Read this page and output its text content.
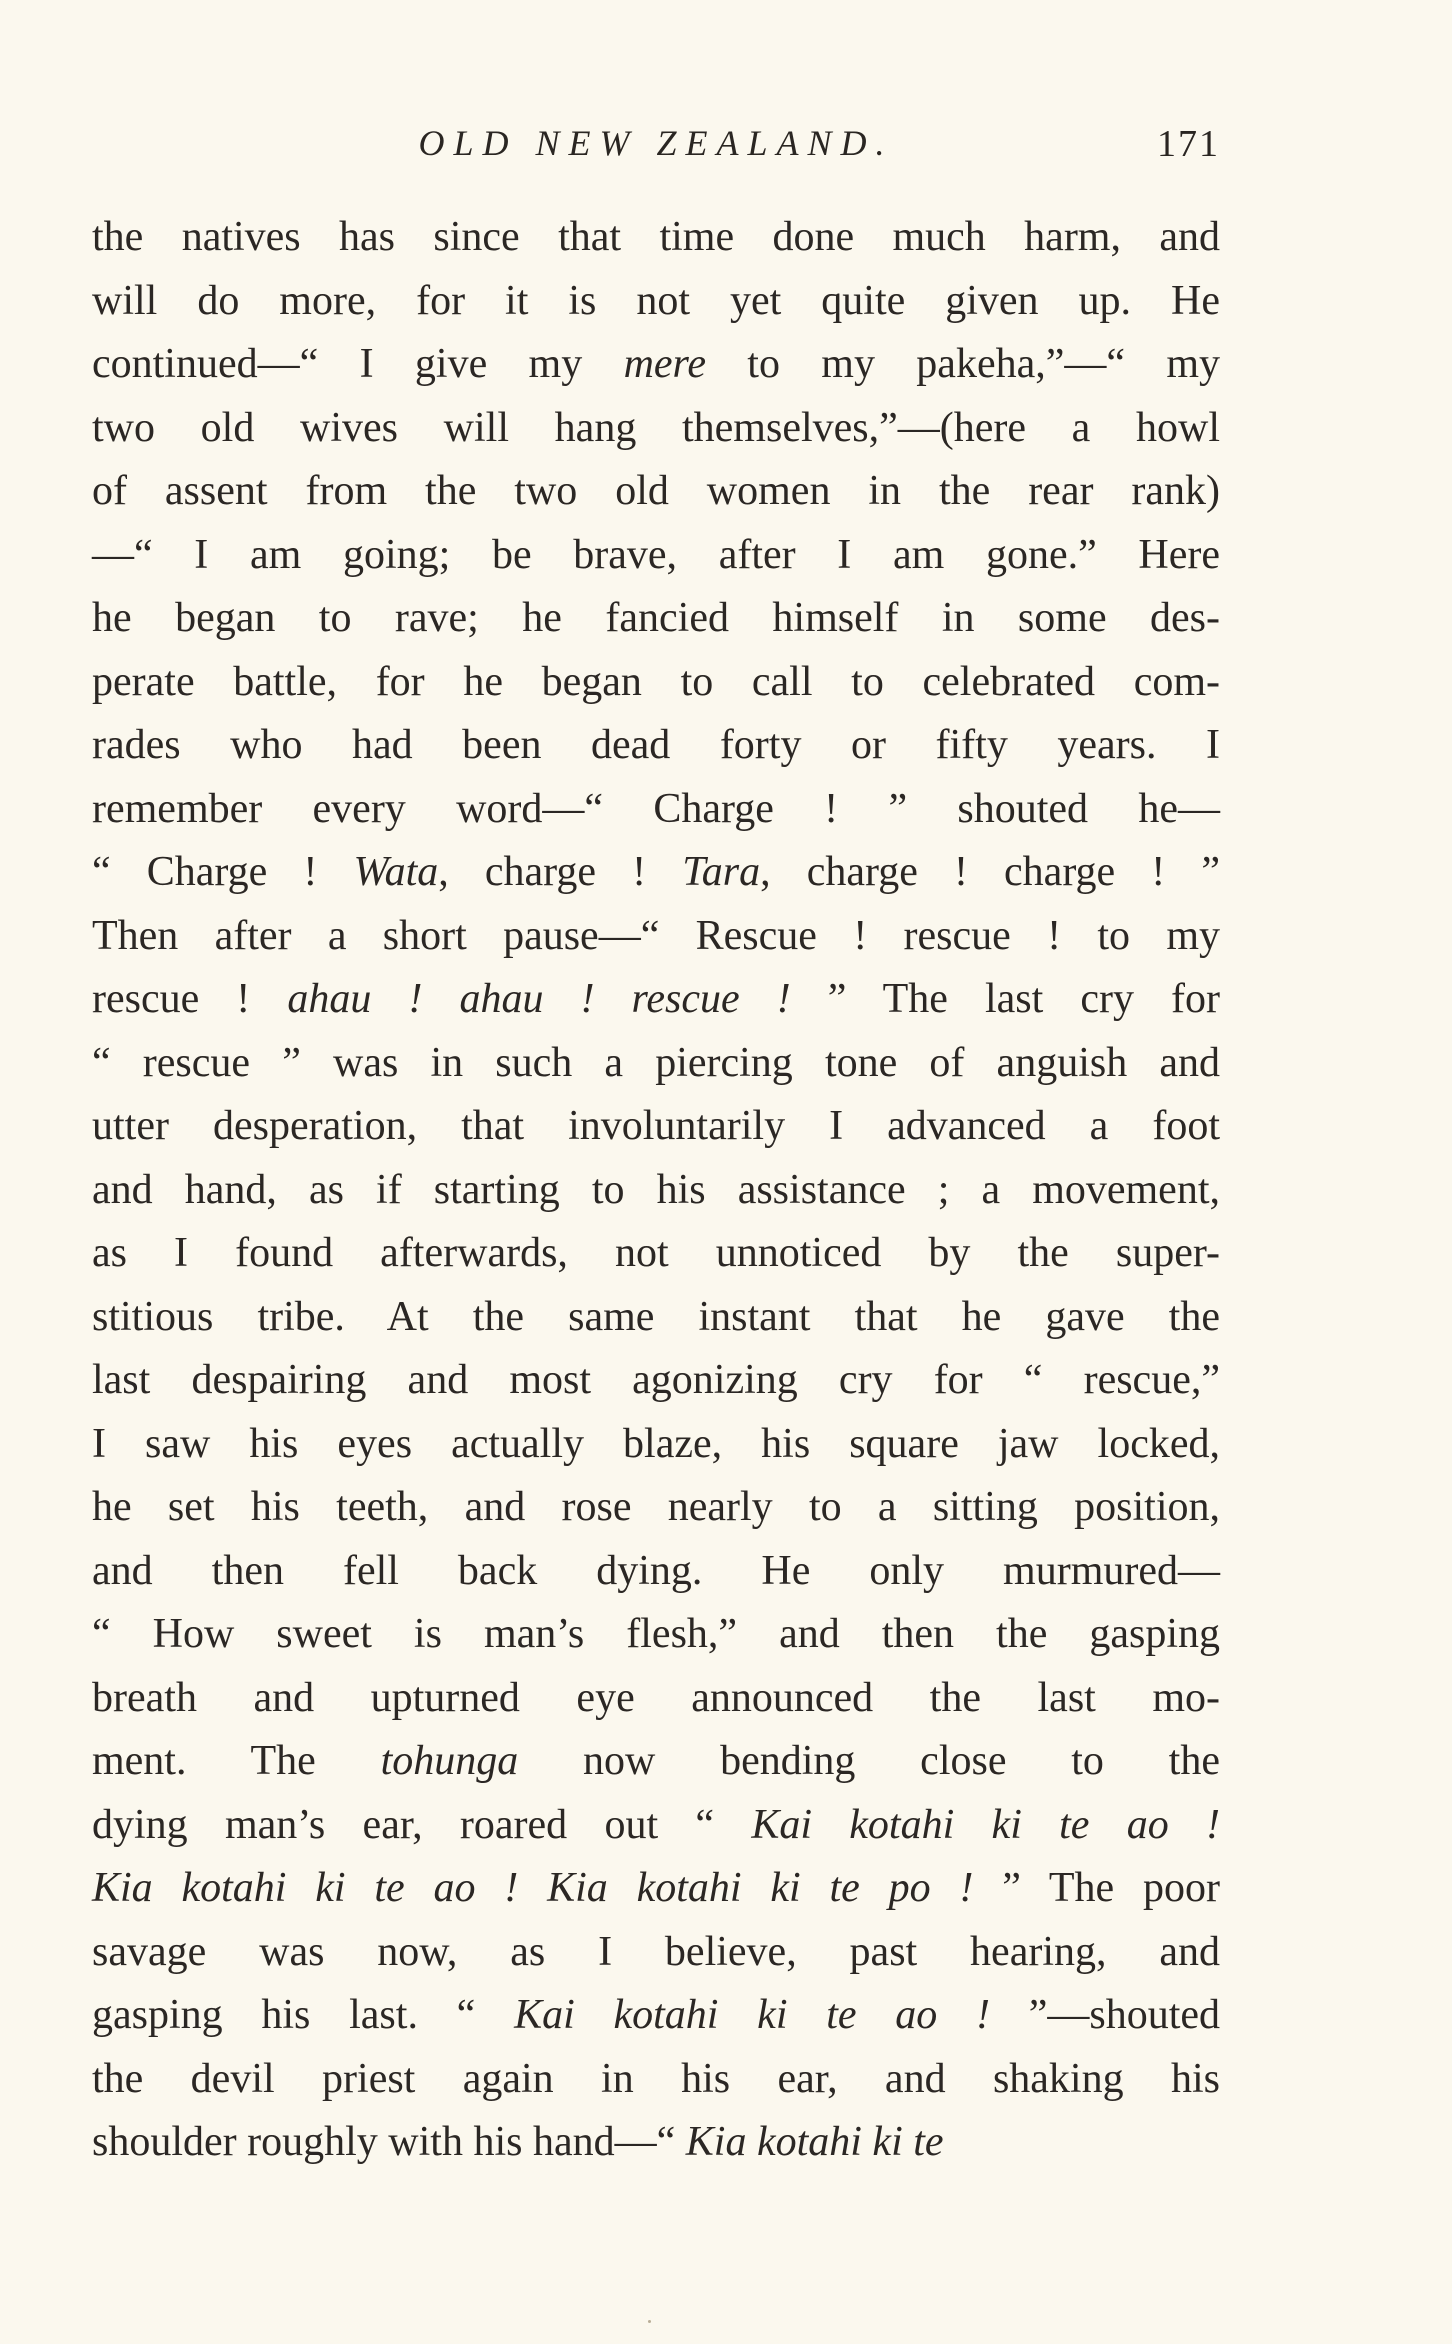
OLD NEW ZEALAND.	171
the natives has since that time done much harm, and
will do more, for it is not yet quite given up. He
continued—“ I give my mere to my pakeha,”—“ my
two old wives will hang themselves,”—(here a howl
of assent from the two old women in the rear rank)
—“ I am going; be brave, after I am gone.” Here
he began to rave; he fancied himself in some des-
perate battle, for he began to call to celebrated com-
rades who had been dead forty or fifty years. I
remember every word—“ Charge ! ” shouted he—
“ Charge ! Wata, charge ! Tara, charge ! charge ! ”
Then after a short pause—“ Rescue ! rescue ! to my
rescue ! ahau ! ahau ! rescue ! ” The last cry for
“ rescue ” was in such a piercing tone of anguish and
utter desperation, that involuntarily I advanced a foot
and hand, as if starting to his assistance ; a movement,
as I found afterwards, not unnoticed by the super-
stitious tribe. At the same instant that he gave the
last despairing and most agonizing cry for “ rescue,”
I saw his eyes actually blaze, his square jaw locked,
he set his teeth, and rose nearly to a sitting position,
and then fell back dying. He only murmured—
“ How sweet is man’s flesh,” and then the gasping
breath and upturned eye announced the last mo-
ment. The tohunga now bending close to the
dying man’s ear, roared out “ Kai kotahi ki te ao !
Kia kotahi ki te ao ! Kia kotahi ki te po ! ” The poor
savage was now, as I believe, past hearing, and
gasping his last. “ Kai kotahi ki te ao ! ”—shouted
the devil priest again in his ear, and shaking his
shoulder roughly with his hand—“ Kia kotahi ki te
